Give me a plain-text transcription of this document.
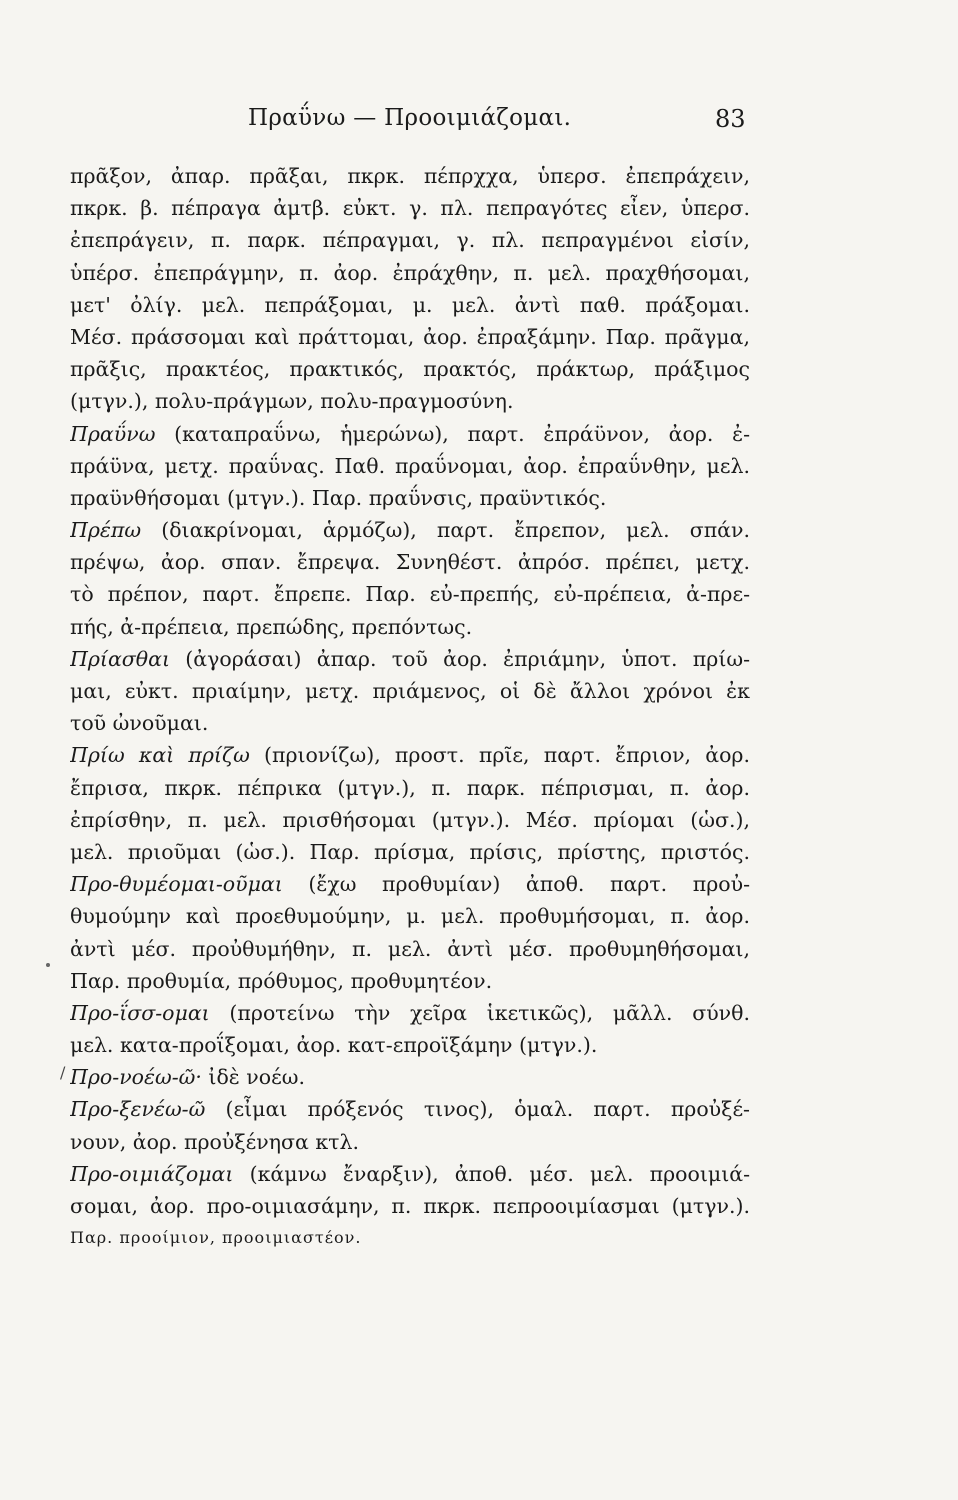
Πραΰνω — Προοιμιάζομαι.	83
/
πρᾶξον, ἀπαρ. πρᾶξαι, πκρκ. πέπρχχα, ὑπερσ. ἐπεπράχειν,
πκρκ. β. πέπραγα ἀμτβ. εὐκτ. γ. πλ. πεπραγότες εἶεν, ὑπερσ.
ἐπεπράγειν, π. παρκ. πέπραγμαι, γ. πλ. πεπραγμένοι εἰσίν,
ὑπέρσ. ἐπεπράγμην, π. ἀορ. ἐπράχθην, π. μελ. πραχθήσομαι,
μετ' ὀλίγ. μελ. πεπράξομαι, μ. μελ. ἀντὶ παθ. πράξομαι.
Μέσ. πράσσομαι καὶ πράττομαι, ἀορ. ἐπραξάμην. Παρ. πρᾶγμα,
πρᾶξις, πρακτέος, πρακτικός, πρακτός, πράκτωρ, πράξιμος
(μτγν.), πολυ-πράγμων, πολυ-πραγμοσύνη.
Πραΰνω (καταπραΰνω, ἡμερώνω), παρτ. ἐπράϋνον, ἀορ. ἐ-
πράϋνα, μετχ. πραΰνας. Παθ. πραΰνομαι, ἀορ. ἐπραΰνθην, μελ.
πραϋνθήσομαι (μτγν.). Παρ. πραΰνσις, πραϋντικός.
Πρέπω (διακρίνομαι, ἁρμόζω), παρτ. ἔπρεπον, μελ. σπάν.
πρέψω, ἀορ. σπαν. ἔπρεψα. Συνηθέστ. ἀπρόσ. πρέπει, μετχ.
τὸ πρέπον, παρτ. ἔπρεπε. Παρ. εὐ-πρεπής, εὐ-πρέπεια, ἀ-πρε-
πής, ἀ-πρέπεια, πρεπώδης, πρεπόντως.
Πρίασθαι (ἀγοράσαι) ἀπαρ. τοῦ ἀορ. ἐπριάμην, ὑποτ. πρίω-
μαι, εὐκτ. πριαίμην, μετχ. πριάμενος, οἱ δὲ ἄλλοι χρόνοι ἐκ
τοῦ ὠνοῦμαι.
Πρίω καὶ πρίζω (πριονίζω), προστ. πρῖε, παρτ. ἔπριον, ἀορ.
ἔπρισα, πκρκ. πέπρικα (μτγν.), π. παρκ. πέπρισμαι, π. ἀορ.
ἐπρίσθην, π. μελ. πρισθήσομαι (μτγν.). Μέσ. πρίομαι (ὡσ.),
μελ. πριοῦμαι (ὡσ.). Παρ. πρίσμα, πρίσις, πρίστης, πριστός.
Προ-θυμέομαι-οῦμαι (ἔχω προθυμίαν) ἀποθ. παρτ. προὐ-
θυμούμην καὶ προεθυμούμην, μ. μελ. προθυμήσομαι, π. ἀορ.
ἀντὶ μέσ. προὐθυμήθην, π. μελ. ἀντὶ μέσ. προθυμηθήσομαι,
Παρ. προθυμία, πρόθυμος, προθυμητέον.
Προ-ΐσσ-ομαι (προτείνω τὴν χεῖρα ἱκετικῶς), μᾶλλ. σύνθ.
μελ. κατα-προΐξομαι, ἀορ. κατ-επροϊξάμην (μτγν.).
Προ-νοέω-ῶ· ἰδὲ νοέω.
Προ-ξενέω-ῶ (εἶμαι πρόξενός τινος), ὁμαλ. παρτ. προὐξέ-
νουν, ἀορ. προὐξένησα κτλ.
Προ-οιμιάζομαι (κάμνω ἔναρξιν), ἀποθ. μέσ. μελ. προοιμιά-
σομαι, ἀορ. προ-οιμιασάμην, π. πκρκ. πεπροοιμίασμαι (μτγν.).
Παρ. προοίμιον, προοιμιαστέον.
